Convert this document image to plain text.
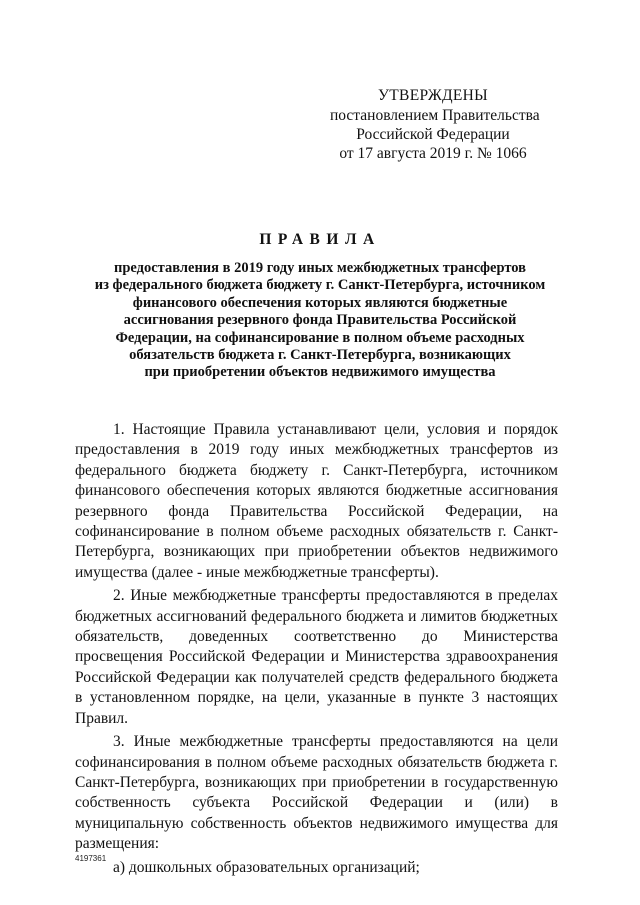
УТВЕРЖДЕНЫ
постановлением Правительства
Российской Федерации
от 17 августа 2019 г. № 1066
ПРАВИЛА
предоставления в 2019 году иных межбюджетных трансфертов
из федерального бюджета бюджету г. Санкт-Петербурга, источником
финансового обеспечения которых являются бюджетные
ассигнования резервного фонда Правительства Российской
Федерации, на софинансирование в полном объеме расходных
обязательств бюджета г. Санкт-Петербурга, возникающих
при приобретении объектов недвижимого имущества

1. Настоящие Правила устанавливают цели, условия и порядок предоставления в 2019 году иных межбюджетных трансфертов из федерального бюджета бюджету г. Санкт-Петербурга, источником финансового обеспечения которых являются бюджетные ассигнования резервного фонда Правительства Российской Федерации, на софинансирование в полном объеме расходных обязательств г. Санкт-Петербурга, возникающих при приобретении объектов недвижимого имущества (далее - иные межбюджетные трансферты).

2. Иные межбюджетные трансферты предоставляются в пределах бюджетных ассигнований федерального бюджета и лимитов бюджетных обязательств, доведенных соответственно до Министерства просвещения Российской Федерации и Министерства здравоохранения Российской Федерации как получателей средств федерального бюджета в установленном порядке, на цели, указанные в пункте 3 настоящих Правил.

3. Иные межбюджетные трансферты предоставляются на цели софинансирования в полном объеме расходных обязательств бюджета г. Санкт-Петербурга, возникающих при приобретении в государственную собственность субъекта Российской Федерации и (или) в муниципальную собственность объектов недвижимого имущества для размещения:

а) дошкольных образовательных организаций;

4197361
